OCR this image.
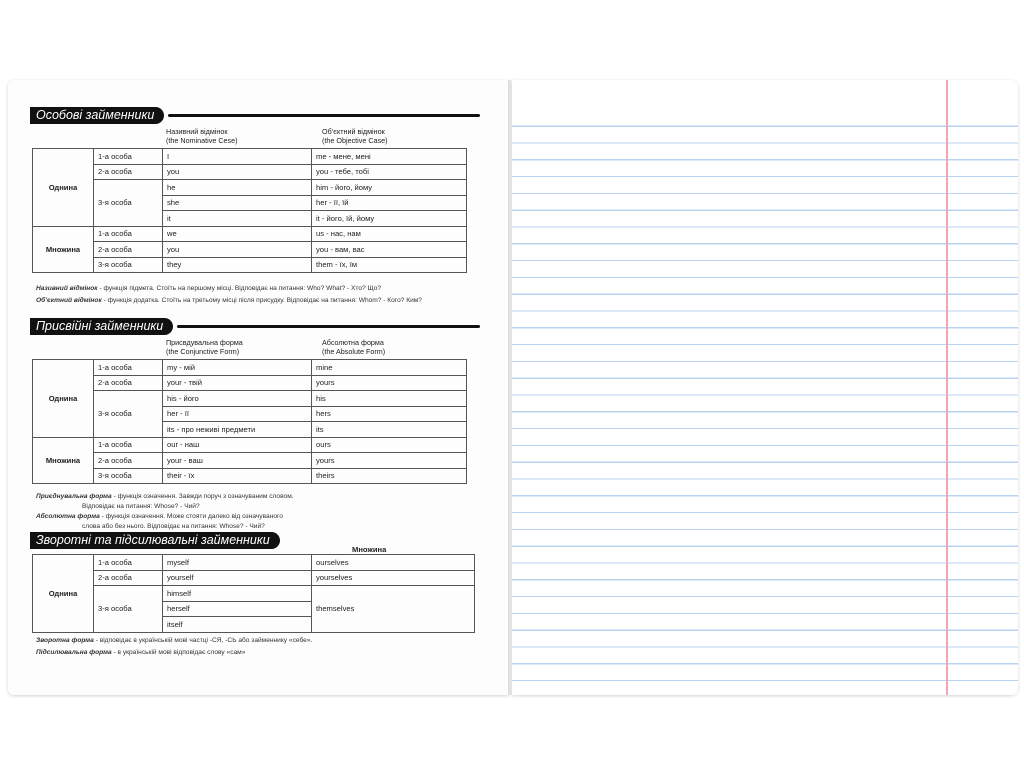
Особові займенники
Називний відмінок
(the Nominative Cese)
Об’єктний відмінок
(the Objective Case)
Однина	1-а особа	I	me - мене, мені
	2-а особа	you	you - тебе, тобі
	3-я особа	he	him - його, йому
		she	her - її, їй
		it	it - його, їй, йому
Множина	1-а особа	we	us - нас, нам
	2-а особа	you	you - вам, вас
	3-я особа	they	them - їх, їм
Називний відмінок - функція підмета. Стоїть на першому місці. Відповідає на питання: Who? What? - Хто? Що?
Об’єктний відмінок - функція додатка. Стоїть на третьому місці після присудку. Відповідає на питання: Whom? - Кого? Ким?
Присвійні займенники
Присвдувальна форма
(the Conjunctive Form)
Абсолютна форма
(the Absolute Form)
Однина	1-а особа	my - мій	mine
	2-а особа	your - твій	yours
	3-я особа	his - його	his
		her - її	hers
		its - про неживі предмети	its
Множина	1-а особа	our - наш	ours
	2-а особа	your - ваш	yours
	3-я особа	their - їх	theirs
Приєднувальна форма - функція означення. Завжди поруч з означуваним словом.
Відповідає на питання: Whose? - Чий?
Абсолютна форма - функція означення. Може стояти далеко від означуваного
слова або без нього. Відповідає на питання: Whose? - Чий?
Зворотні та підсилювальні займенники
Множина
Однина	1-а особа	myself	ourselves
	2-а особа	yourself	yourselves
	3-я особа	himself	themselves
		herself	
		itself	
Зворотна форма - відповідає в українській мові частці -СЯ, -СЬ або займеннику «себе».
Підсилювальна форма - в українській мові відповідає слову «сам»
